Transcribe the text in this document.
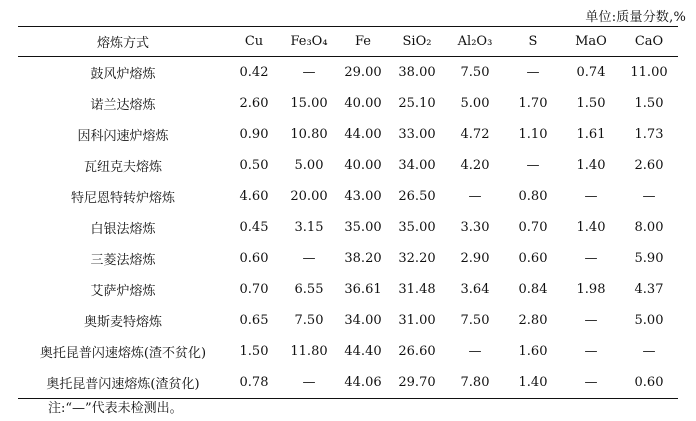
单位:质量分数,%
熔炼方式	Cu	Fe₃O₄	Fe	SiO₂	Al₂O₃	S	MaO	CaO
鼓风炉熔炼	0.42	—	29.00	38.00	7.50	—	0.74	11.00
诺兰达熔炼	2.60	15.00	40.00	25.10	5.00	1.70	1.50	1.50
因科闪速炉熔炼	0.90	10.80	44.00	33.00	4.72	1.10	1.61	1.73
瓦纽克夫熔炼	0.50	5.00	40.00	34.00	4.20	—	1.40	2.60
特尼恩特转炉熔炼	4.60	20.00	43.00	26.50	—	0.80	—	—
白银法熔炼	0.45	3.15	35.00	35.00	3.30	0.70	1.40	8.00
三菱法熔炼	0.60	—	38.20	32.20	2.90	0.60	—	5.90
艾萨炉熔炼	0.70	6.55	36.61	31.48	3.64	0.84	1.98	4.37
奥斯麦特熔炼	0.65	7.50	34.00	31.00	7.50	2.80	—	5.00
奥托昆普闪速熔炼(渣不贫化)	1.50	11.80	44.40	26.60	—	1.60	—	—
奥托昆普闪速熔炼(渣贫化)	0.78	—	44.06	29.70	7.80	1.40	—	0.60
注:“—”代表未检测出。
